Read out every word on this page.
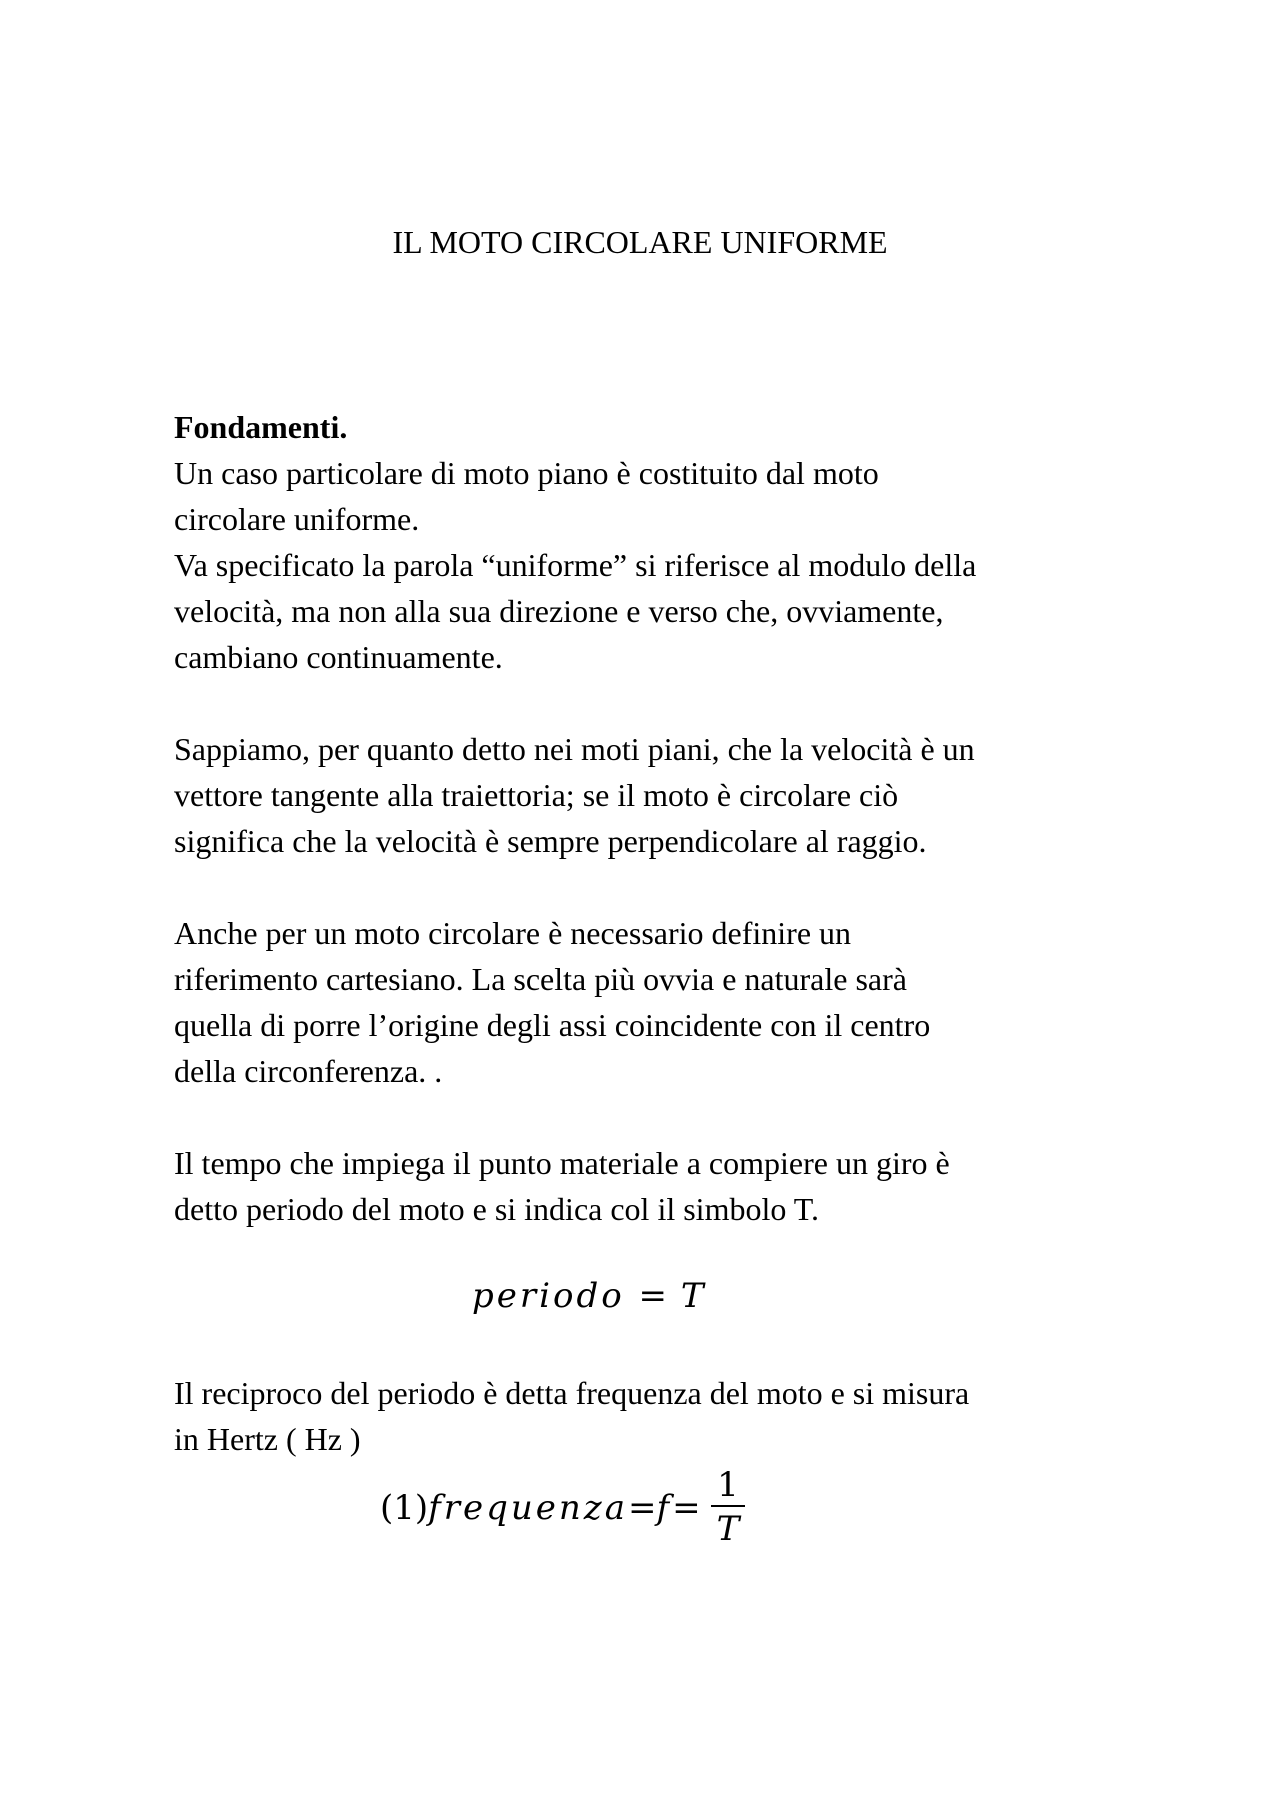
IL MOTO CIRCOLARE UNIFORME
Fondamenti.
Un caso particolare di moto piano è costituito dal moto
circolare uniforme.
Va specificato la parola “uniforme” si riferisce al modulo della
velocità, ma non alla sua direzione e verso che, ovviamente,
cambiano continuamente.
Sappiamo, per quanto detto nei moti piani, che la velocità è un
vettore tangente alla traiettoria; se il moto è circolare ciò
significa che la velocità è sempre perpendicolare al raggio.
Anche per un moto circolare è necessario definire un
riferimento cartesiano. La scelta più ovvia e naturale sarà
quella di porre l’origine degli assi coincidente con il centro
della circonferenza. .
Il tempo che impiega il punto materiale a compiere un giro è
detto periodo del moto e si indica col il simbolo T.
periodo = T
Il reciproco del periodo è detta frequenza del moto e si misura
in Hertz ( Hz )
(1) frequenza = $f = \frac{1}{T}$
